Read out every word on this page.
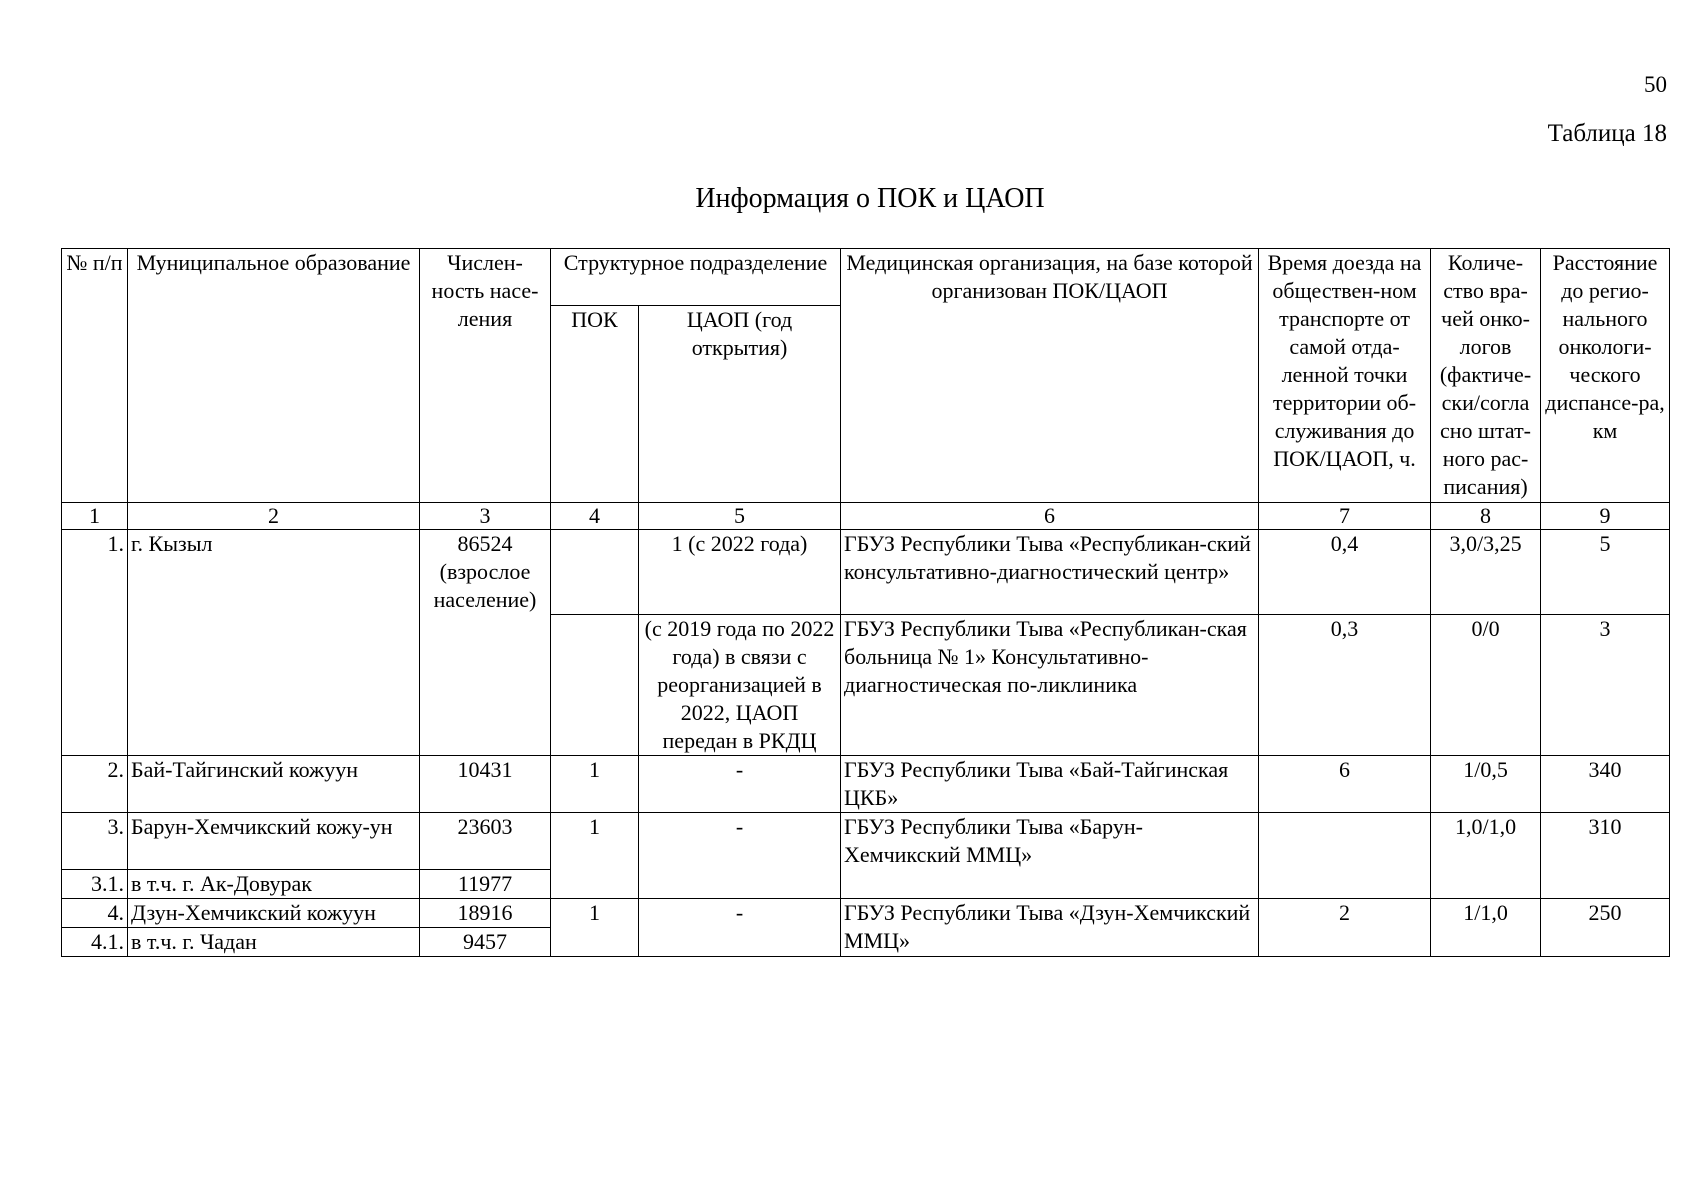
50
Таблица 18
Информация о ПОК и ЦАОП
№ п/п	Муниципальное образование	Числен-ность насе-ления	Структурное подразделение		Медицинская организация, на базе которой организован ПОК/ЦАОП	Время доезда на обществен-ном транспорте от самой отда-ленной точки территории об-служивания до ПОК/ЦАОП, ч.	Количе-ство вра-чей онко-логов (фактиче-ски/согла сно штат-ного рас-писания)	Расстояние до регио-нального онкологи-ческого диспансе-ра, км
			ПОК	ЦАОП (год открытия)				
1	2	3	4	5	6	7	8	9
1.	г. Кызыл	86524 (взрослое население)		1 (с 2022 года)	ГБУЗ Республики Тыва «Республикан-ский консультативно-диагностический центр»	0,4	3,0/3,25	5
				(с 2019 года по 2022 года) в связи с реорганизацией в 2022, ЦАОП передан в РКДЦ	ГБУЗ Республики Тыва «Республикан-ская больница № 1» Консультативно-диагностическая по-ликлиника	0,3	0/0	3
2.	Бай-Тайгинский кожуун	10431	1	-	ГБУЗ Республики Тыва «Бай-Тайгинская ЦКБ»	6	1/0,5	340
3.	Барун-Хемчикский кожу-ун	23603	1	-	ГБУЗ Республики Тыва «Барун-Хемчикский ММЦ»		1,0/1,0	310
3.1.	в т.ч. г. Ак-Довурак	11977						
4.	Дзун-Хемчикский кожуун	18916	1	-	ГБУЗ Республики Тыва «Дзун-Хемчикский ММЦ»	2	1/1,0	250
4.1.	в т.ч. г. Чадан	9457						
